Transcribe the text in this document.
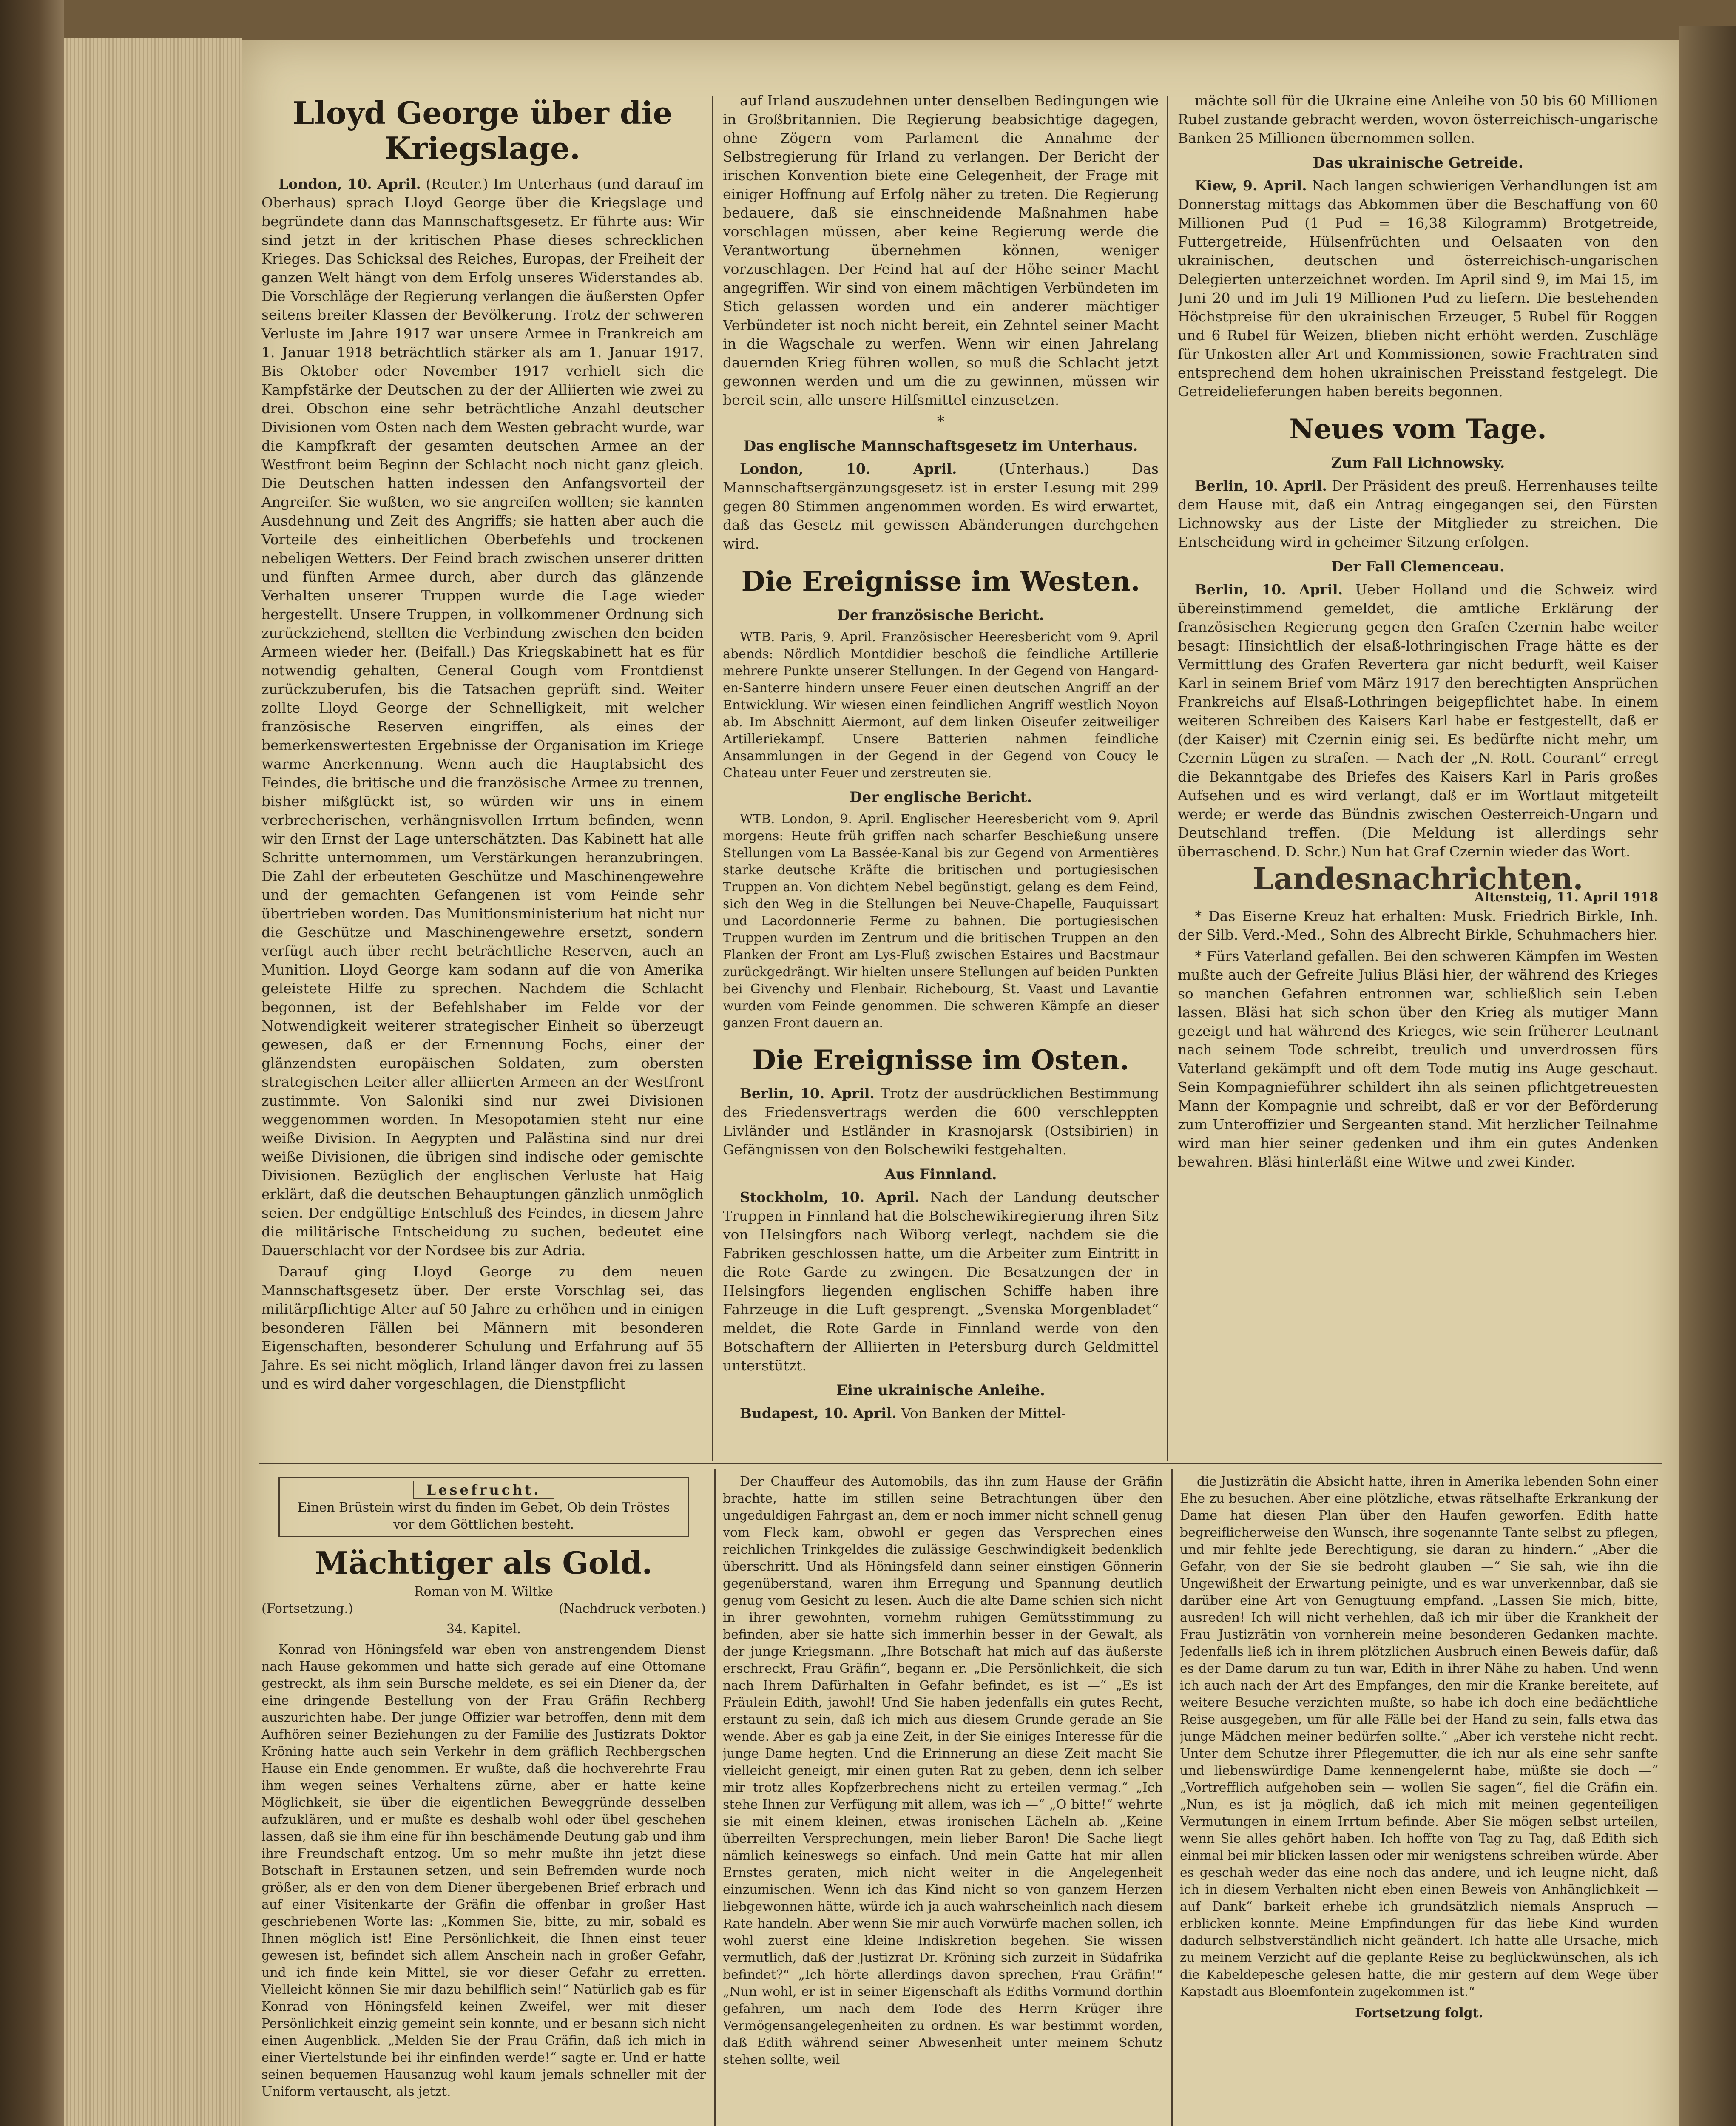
Lloyd George über die Kriegslage.

London, 10. April. (Reuter.) Im Unterhaus (und darauf im Oberhaus) sprach Lloyd George über die Kriegslage und begründete dann das Mannschaftsgesetz. Er führte aus: Wir sind jetzt in der kritischen Phase dieses schrecklichen Krieges. Das Schicksal des Reiches, Europas, der Freiheit der ganzen Welt hängt von dem Erfolg unseres Widerstandes ab. Die Vorschläge der Regierung verlangen die äußersten Opfer seitens breiter Klassen der Bevölkerung. Trotz der schweren Verluste im Jahre 1917 war unsere Armee in Frankreich am 1. Januar 1918 beträchtlich stärker als am 1. Januar 1917. Bis Oktober oder November 1917 verhielt sich die Kampfstärke der Deutschen zu der der Alliierten wie zwei zu drei. Obschon eine sehr beträchtliche Anzahl deutscher Divisionen vom Osten nach dem Westen gebracht wurde, war die Kampfkraft der gesamten deutschen Armee an der Westfront beim Beginn der Schlacht noch nicht ganz gleich. Die Deutschen hatten indessen den Anfangsvorteil der Angreifer. Sie wußten, wo sie angreifen wollten; sie kannten Ausdehnung und Zeit des Angriffs; sie hatten aber auch die Vorteile des einheitlichen Oberbefehls und trockenen nebeligen Wetters. Der Feind brach zwischen unserer dritten und fünften Armee durch, aber durch das glänzende Verhalten unserer Truppen wurde die Lage wieder hergestellt. Unsere Truppen, in vollkommener Ordnung sich zurückziehend, stellten die Verbindung zwischen den beiden Armeen wieder her. (Beifall.) Das Kriegskabinett hat es für notwendig gehalten, General Gough vom Frontdienst zurückzuberufen, bis die Tatsachen geprüft sind. Weiter zollte Lloyd George der Schnelligkeit, mit welcher französische Reserven eingriffen, als eines der bemerkenswertesten Ergebnisse der Organisation im Kriege warme Anerkennung. Wenn auch die Hauptabsicht des Feindes, die britische und die französische Armee zu trennen, bisher mißglückt ist, so würden wir uns in einem verbrecherischen, verhängnisvollen Irrtum befinden, wenn wir den Ernst der Lage unterschätzten. Das Kabinett hat alle Schritte unternommen, um Verstärkungen heranzubringen. Die Zahl der erbeuteten Geschütze und Maschinengewehre und der gemachten Gefangenen ist vom Feinde sehr übertrieben worden. Das Munitionsministerium hat nicht nur die Geschütze und Maschinengewehre ersetzt, sondern verfügt auch über recht beträchtliche Reserven, auch an Munition. Lloyd George kam sodann auf die von Amerika geleistete Hilfe zu sprechen. Nachdem die Schlacht begonnen, ist der Befehlshaber im Felde vor der Notwendigkeit weiterer strategischer Einheit so überzeugt gewesen, daß er der Ernennung Fochs, einer der glänzendsten europäischen Soldaten, zum obersten strategischen Leiter aller alliierten Armeen an der Westfront zustimmte. Von Saloniki sind nur zwei Divisionen weggenommen worden. In Mesopotamien steht nur eine weiße Division. In Aegypten und Palästina sind nur drei weiße Divisionen, die übrigen sind indische oder gemischte Divisionen. Bezüglich der englischen Verluste hat Haig erklärt, daß die deutschen Behauptungen gänzlich unmöglich seien. Der endgültige Entschluß des Feindes, in diesem Jahre die militärische Entscheidung zu suchen, bedeutet eine Dauerschlacht vor der Nordsee bis zur Adria.

Darauf ging Lloyd George zu dem neuen Mannschaftsgesetz über. Der erste Vorschlag sei, das militärpflichtige Alter auf 50 Jahre zu erhöhen und in einigen besonderen Fällen bei Männern mit besonderen Eigenschaften, besonderer Schulung und Erfahrung auf 55 Jahre. Es sei nicht möglich, Irland länger davon frei zu lassen und es wird daher vorgeschlagen, die Dienstpflicht

auf Irland auszudehnen unter denselben Bedingungen wie in Großbritannien. Die Regierung beabsichtige dagegen, ohne Zögern vom Parlament die Annahme der Selbstregierung für Irland zu verlangen. Der Bericht der irischen Konvention biete eine Gelegenheit, der Frage mit einiger Hoffnung auf Erfolg näher zu treten. Die Regierung bedauere, daß sie einschneidende Maßnahmen habe vorschlagen müssen, aber keine Regierung werde die Verantwortung übernehmen können, weniger vorzuschlagen. Der Feind hat auf der Höhe seiner Macht angegriffen. Wir sind von einem mächtigen Verbündeten im Stich gelassen worden und ein anderer mächtiger Verbündeter ist noch nicht bereit, ein Zehntel seiner Macht in die Wagschale zu werfen. Wenn wir einen Jahrelang dauernden Krieg führen wollen, so muß die Schlacht jetzt gewonnen werden und um die zu gewinnen, müssen wir bereit sein, alle unsere Hilfsmittel einzusetzen.

*
Das englische Mannschaftsgesetz im Unterhaus.

London, 10. April.	(Unterhaus.) Das Mannschaftsergänzungsgesetz ist in erster Lesung mit 299 gegen 80 Stimmen angenommen worden. Es wird erwartet, daß das Gesetz mit gewissen Abänderungen durchgehen wird.

Die Ereignisse im Westen.
Der französische Bericht.

WTB. Paris, 9. April. Französischer Heeresbericht vom 9. April abends: Nördlich Montdidier beschoß die feindliche Artillerie mehrere Punkte unserer Stellungen. In der Gegend von Hangard-en-Santerre hindern unsere Feuer einen deutschen Angriff an der Entwicklung. Wir wiesen einen feindlichen Angriff westlich Noyon ab. Im Abschnitt Aiermont, auf dem linken Oiseufer zeitweiliger Artilleriekampf. Unsere Batterien nahmen feindliche Ansammlungen in der Gegend in der Gegend von Coucy le Chateau unter Feuer und zerstreuten sie.

Der englische Bericht.

WTB. London, 9. April. Englischer Heeresbericht vom 9. April morgens: Heute früh griffen nach scharfer Beschießung unsere Stellungen vom La Bassée-Kanal bis zur Gegend von Armentières starke deutsche Kräfte die britischen und portugiesischen Truppen an. Von dichtem Nebel begünstigt, gelang es dem Feind, sich den Weg in die Stellungen bei Neuve-Chapelle, Fauquissart und Lacordonnerie Ferme zu bahnen. Die portugiesischen Truppen wurden im Zentrum und die britischen Truppen an den Flanken der Front am Lys-Fluß zwischen Estaires und Bacstmaur zurückgedrängt. Wir hielten unsere Stellungen auf beiden Punkten bei Givenchy und Flenbair. Richebourg, St. Vaast und Lavantie wurden vom Feinde genommen. Die schweren Kämpfe an dieser ganzen Front dauern an.

Die Ereignisse im Osten.

Berlin, 10. April. Trotz der ausdrücklichen Bestimmung des Friedensvertrags werden die 600 verschleppten Livländer und Estländer in Krasnojarsk (Ostsibirien) in Gefängnissen von den Bolschewiki festgehalten.

Aus Finnland.

Stockholm, 10. April. Nach der Landung deutscher Truppen in Finnland hat die Bolschewikiregierung ihren Sitz von Helsingfors nach Wiborg verlegt, nachdem sie die Fabriken geschlossen hatte, um die Arbeiter zum Eintritt in die Rote Garde zu zwingen. Die Besatzungen der in Helsingfors liegenden englischen Schiffe haben ihre Fahrzeuge in die Luft gesprengt. „Svenska Morgenbladet“ meldet, die Rote Garde in Finnland werde von den Botschaftern der Alliierten in Petersburg durch Geldmittel unterstützt.

Eine ukrainische Anleihe.

Budapest, 10. April. Von Banken der Mittel-

mächte soll für die Ukraine eine Anleihe von 50 bis 60 Millionen Rubel zustande gebracht werden, wovon österreichisch-ungarische Banken 25 Millionen übernommen sollen.

Das ukrainische Getreide.

Kiew, 9. April. Nach langen schwierigen Verhandlungen ist am Donnerstag mittags das Abkommen über die Beschaffung von 60 Millionen Pud (1 Pud = 16,38 Kilogramm) Brotgetreide, Futtergetreide, Hülsenfrüchten und Oelsaaten von den ukrainischen, deutschen und österreichisch-ungarischen Delegierten unterzeichnet worden. Im April sind 9, im Mai 15, im Juni 20 und im Juli 19 Millionen Pud zu liefern. Die bestehenden Höchstpreise für den ukrainischen Erzeuger, 5 Rubel für Roggen und 6 Rubel für Weizen, blieben nicht erhöht werden. Zuschläge für Unkosten aller Art und Kommissionen, sowie Frachtraten sind entsprechend dem hohen ukrainischen Preisstand festgelegt. Die Getreidelieferungen haben bereits begonnen.

Neues vom Tage.
Zum Fall Lichnowsky.

Berlin, 10. April. Der Präsident des preuß. Herrenhauses teilte dem Hause mit, daß ein Antrag eingegangen sei, den Fürsten Lichnowsky aus der Liste der Mitglieder zu streichen. Die Entscheidung wird in geheimer Sitzung erfolgen.

Der Fall Clemenceau.

Berlin, 10. April. Ueber Holland und die Schweiz wird übereinstimmend gemeldet, die amtliche Erklärung der französischen Regierung gegen den Grafen Czernin habe weiter besagt: Hinsichtlich der elsaß-lothringischen Frage hätte es der Vermittlung des Grafen Revertera gar nicht bedurft, weil Kaiser Karl in seinem Brief vom März 1917 den berechtigten Ansprüchen Frankreichs auf Elsaß-Lothringen beigepflichtet habe. In einem weiteren Schreiben des Kaisers Karl habe er festgestellt, daß er (der Kaiser) mit Czernin einig sei. Es bedürfte nicht mehr, um Czernin Lügen zu strafen. — Nach der „N. Rott. Courant“ erregt die Bekanntgabe des Briefes des Kaisers Karl in Paris großes Aufsehen und es wird verlangt, daß er im Wortlaut mitgeteilt werde; er werde das Bündnis zwischen Oesterreich-Ungarn und Deutschland treffen. (Die Meldung ist allerdings sehr überraschend. D. Schr.) Nun hat Graf Czernin wieder das Wort.

Landesnachrichten.
Altensteig, 11. April 1918

* Das Eiserne Kreuz hat erhalten: Musk. Friedrich Birkle, Inh. der Silb. Verd.-Med., Sohn des Albrecht Birkle, Schuhmachers hier.

* Fürs Vaterland gefallen. Bei den schweren Kämpfen im Westen mußte auch der Gefreite Julius Bläsi hier, der während des Krieges so manchen Gefahren entronnen war, schließlich sein Leben lassen. Bläsi hat sich schon über den Krieg als mutiger Mann gezeigt und hat während des Krieges, wie sein früherer Leutnant nach seinem Tode schreibt, treulich und unverdrossen fürs Vaterland gekämpft und oft dem Tode mutig ins Auge geschaut. Sein Kompagnieführer schildert ihn als seinen pflichtgetreuesten Mann der Kompagnie und schreibt, daß er vor der Beförderung zum Unteroffizier und Sergeanten stand. Mit herzlicher Teilnahme wird man hier seiner gedenken und ihm ein gutes Andenken bewahren. Bläsi hinterläßt eine Witwe und zwei Kinder.

Lesefrucht.
Einen Brüstein wirst du finden im Gebet, Ob dein Tröstes vor dem Göttlichen besteht.
Mächtiger als Gold.
Roman von M. Wiltke
(Fortsetzung.)	(Nachdruck verboten.)
34. Kapitel.

Konrad von Höningsfeld war eben von anstrengendem Dienst nach Hause gekommen und hatte sich gerade auf eine Ottomane gestreckt, als ihm sein Bursche meldete, es sei ein Diener da, der eine dringende Bestellung von der Frau Gräfin Rechberg auszurichten habe. Der junge Offizier war betroffen, denn mit dem Aufhören seiner Beziehungen zu der Familie des Justizrats Doktor Kröning hatte auch sein Verkehr in dem gräflich Rechbergschen Hause ein Ende genommen. Er wußte, daß die hochverehrte Frau ihm wegen seines Verhaltens zürne, aber er hatte keine Möglichkeit, sie über die eigentlichen Beweggründe desselben aufzuklären, und er mußte es deshalb wohl oder übel geschehen lassen, daß sie ihm eine für ihn beschämende Deutung gab und ihm ihre Freundschaft entzog. Um so mehr mußte ihn jetzt diese Botschaft in Erstaunen setzen, und sein Befremden wurde noch größer, als er den von dem Diener übergebenen Brief erbrach und auf einer Visitenkarte der Gräfin die offenbar in großer Hast geschriebenen Worte las: „Kommen Sie, bitte, zu mir, sobald es Ihnen möglich ist! Eine Persönlichkeit, die Ihnen einst teuer gewesen ist, befindet sich allem Anschein nach in großer Gefahr, und ich finde kein Mittel, sie vor dieser Gefahr zu erretten. Vielleicht können Sie mir dazu behilflich sein!“ Natürlich gab es für Konrad von Höningsfeld keinen Zweifel, wer mit dieser Persönlichkeit einzig gemeint sein konnte, und er besann sich nicht einen Augenblick. „Melden Sie der Frau Gräfin, daß ich mich in einer Viertelstunde bei ihr einfinden werde!“ sagte er. Und er hatte seinen bequemen Hausanzug wohl kaum jemals schneller mit der Uniform vertauscht, als jetzt.

Der Chauffeur des Automobils, das ihn zum Hause der Gräfin brachte, hatte im stillen seine Betrachtungen über den ungeduldigen Fahrgast an, dem er noch immer nicht schnell genug vom Fleck kam, obwohl er gegen das Versprechen eines reichlichen Trinkgeldes die zulässige Geschwindigkeit bedenklich überschritt. Und als Höningsfeld dann seiner einstigen Gönnerin gegenüberstand, waren ihm Erregung und Spannung deutlich genug vom Gesicht zu lesen. Auch die alte Dame schien sich nicht in ihrer gewohnten, vornehm ruhigen Gemütsstimmung zu befinden, aber sie hatte sich immerhin besser in der Gewalt, als der junge Kriegsmann. „Ihre Botschaft hat mich auf das äußerste erschreckt, Frau Gräfin“, begann er. „Die Persönlichkeit, die sich nach Ihrem Dafürhalten in Gefahr befindet, es ist —“ „Es ist Fräulein Edith, jawohl! Und Sie haben jedenfalls ein gutes Recht, erstaunt zu sein, daß ich mich aus diesem Grunde gerade an Sie wende. Aber es gab ja eine Zeit, in der Sie einiges Interesse für die junge Dame hegten. Und die Erinnerung an diese Zeit macht Sie vielleicht geneigt, mir einen guten Rat zu geben, denn ich selber mir trotz alles Kopfzerbrechens nicht zu erteilen vermag.“ „Ich stehe Ihnen zur Verfügung mit allem, was ich —“ „O bitte!“ wehrte sie mit einem kleinen, etwas ironischen Lächeln ab. „Keine überreilten Versprechungen, mein lieber Baron! Die Sache liegt nämlich keineswegs so einfach. Und mein Gatte hat mir allen Ernstes geraten, mich nicht weiter in die Angelegenheit einzumischen. Wenn ich das Kind nicht so von ganzem Herzen liebgewonnen hätte, würde ich ja auch wahrscheinlich nach diesem Rate handeln. Aber wenn Sie mir auch Vorwürfe machen sollen, ich wohl zuerst eine kleine Indiskretion begehen. Sie wissen vermutlich, daß der Justizrat Dr. Kröning sich zurzeit in Südafrika befindet?“ „Ich hörte allerdings davon sprechen, Frau Gräfin!“ „Nun wohl, er ist in seiner Eigenschaft als Ediths Vormund dorthin gefahren, um nach dem Tode des Herrn Krüger ihre Vermögensangelegenheiten zu ordnen. Es war bestimmt worden, daß Edith während seiner Abwesenheit unter meinem Schutz stehen sollte, weil

die Justizrätin die Absicht hatte, ihren in Amerika lebenden Sohn einer Ehe zu besuchen. Aber eine plötzliche, etwas rätselhafte Erkrankung der Dame hat diesen Plan über den Haufen geworfen. Edith hatte begreiflicherweise den Wunsch, ihre sogenannte Tante selbst zu pflegen, und mir fehlte jede Berechtigung, sie daran zu hindern.“ „Aber die Gefahr, von der Sie sie bedroht glauben —“ Sie sah, wie ihn die Ungewißheit der Erwartung peinigte, und es war unverkennbar, daß sie darüber eine Art von Genugtuung empfand. „Lassen Sie mich, bitte, ausreden! Ich will nicht verhehlen, daß ich mir über die Krankheit der Frau Justizrätin von vornherein meine besonderen Gedanken machte. Jedenfalls ließ ich in ihrem plötzlichen Ausbruch einen Beweis dafür, daß es der Dame darum zu tun war, Edith in ihrer Nähe zu haben. Und wenn ich auch nach der Art des Empfanges, den mir die Kranke bereitete, auf weitere Besuche verzichten mußte, so habe ich doch eine bedächtliche Reise ausgegeben, um für alle Fälle bei der Hand zu sein, falls etwa das junge Mädchen meiner bedürfen sollte.“ „Aber ich verstehe nicht recht. Unter dem Schutze ihrer Pflegemutter, die ich nur als eine sehr sanfte und liebenswürdige Dame kennengelernt habe, müßte sie doch —“ „Vortrefflich aufgehoben sein — wollen Sie sagen“, fiel die Gräfin ein. „Nun, es ist ja möglich, daß ich mich mit meinen gegenteiligen Vermutungen in einem Irrtum befinde. Aber Sie mögen selbst urteilen, wenn Sie alles gehört haben. Ich hoffte von Tag zu Tag, daß Edith sich einmal bei mir blicken lassen oder mir wenigstens schreiben würde. Aber es geschah weder das eine noch das andere, und ich leugne nicht, daß ich in diesem Verhalten nicht eben einen Beweis von Anhänglichkeit — auf Dank“ barkeit erhebe ich grundsätzlich niemals Anspruch — erblicken konnte. Meine Empfindungen für das liebe Kind wurden dadurch selbstverständlich nicht geändert. Ich hatte alle Ursache, mich zu meinem Verzicht auf die geplante Reise zu beglückwünschen, als ich die Kabeldepesche gelesen hatte, die mir gestern auf dem Wege über Kapstadt aus Bloemfontein zugekommen ist.“

Fortsetzung folgt.
